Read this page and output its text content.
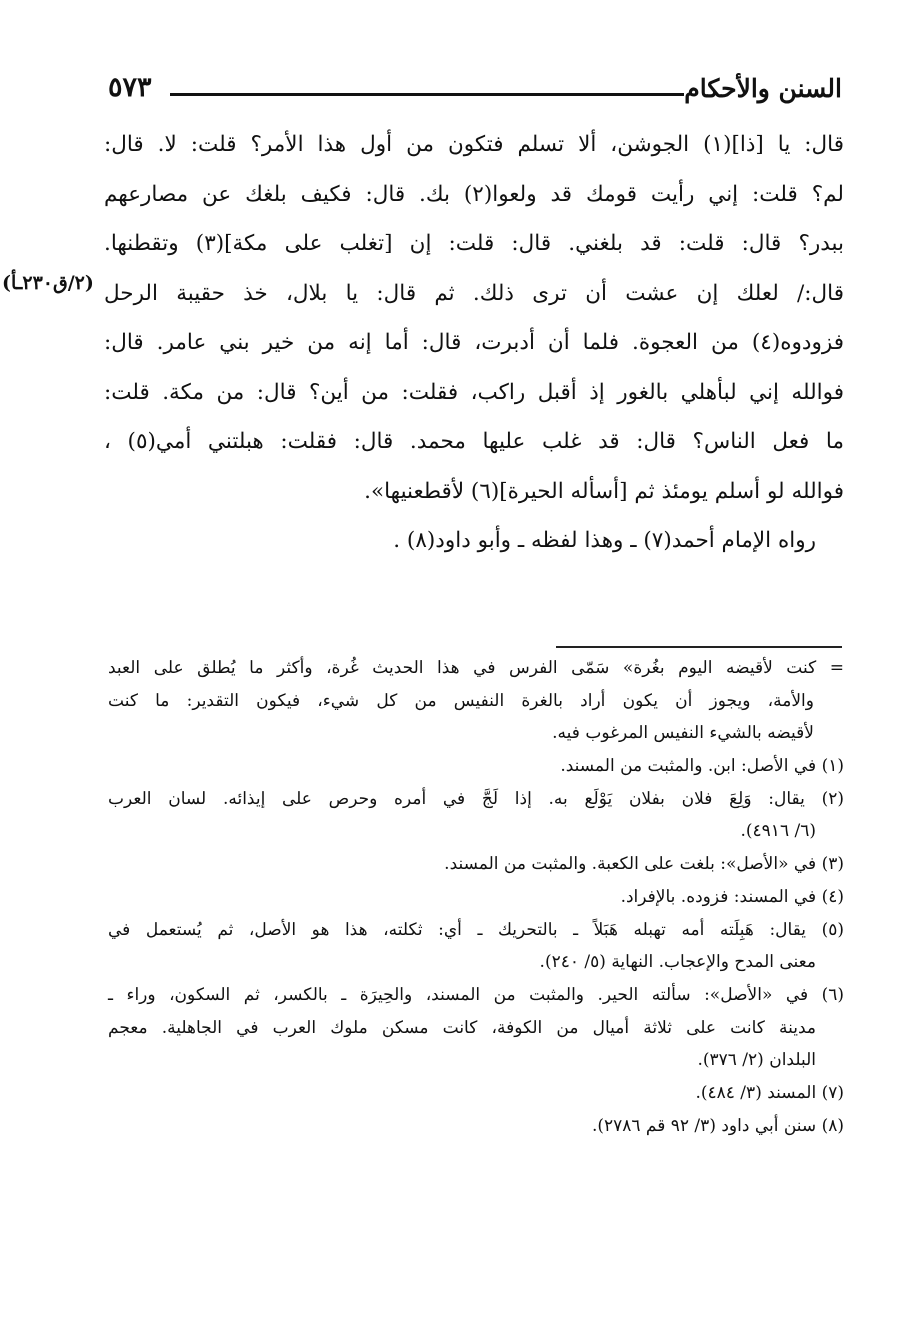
السنن والأحكام
٥٧٣
قال: يا [ذا](١) الجوشن، ألا تسلم فتكون من أول هذا الأمر؟ قلت: لا. قال:
لم؟ قلت: إني رأيت قومك قد ولعوا(٢) بك. قال: فكيف بلغك عن مصارعهم
ببدر؟ قال: قلت: قد بلغني. قال: قلت: إن [تغلب على مكة](٣) وتقطنها.
قال:/ لعلك إن عشت أن ترى ذلك. ثم قال: يا بلال، خذ حقيبة الرحل
فزودوه(٤) من العجوة. فلما أن أدبرت، قال: أما إنه من خير بني عامر. قال:
فوالله إني لبأهلي بالغور إذ أقبل راكب، فقلت: من أين؟ قال: من مكة. قلت:
ما فعل الناس؟ قال: قد غلب عليها محمد. قال: فقلت: هبلتني أمي(٥) ،
فوالله لو أسلم يومئذ ثم [أسأله الحيرة](٦) لأقطعنيها».
رواه الإمام أحمد(٧) ـ وهذا لفظه ـ وأبو داود(٨) .
(٢/ق٢٣٠ـأ)
= كنت لأقيضه اليوم بغُرة» سَمّى الفرس في هذا الحديث غُرة، وأكثر ما يُطلق على العبد
والأمة، ويجوز أن يكون أراد بالغرة النفيس من كل شيء، فيكون التقدير: ما كنت
لأقيضه بالشيء النفيس المرغوب فيه.
(١) في الأصل: ابن. والمثبت من المسند.
(٢) يقال: وَلِعَ فلان بفلان يَوْلَع به. إذا لَجَّ في أمره وحرص على إيذائه. لسان العرب
(٦/ ٤٩١٦).
(٣) في «الأصل»: بلغت على الكعبة. والمثبت من المسند.
(٤) في المسند: فزوده. بالإفراد.
(٥) يقال: هَبِلَته أمه تهبله هَبَلاً ـ بالتحريك ـ أي: ثكلته، هذا هو الأصل، ثم يُستعمل في
معنى المدح والإعجاب. النهاية (٥/ ٢٤٠).
(٦) في «الأصل»: سألته الحير. والمثبت من المسند، والحِيرَة ـ بالكسر، ثم السكون، وراء ـ
مدينة كانت على ثلاثة أميال من الكوفة، كانت مسكن ملوك العرب في الجاهلية. معجم
البلدان (٢/ ٣٧٦).
(٧) المسند (٣/ ٤٨٤).
(٨) سنن أبي داود (٣/ ٩٢ قم ٢٧٨٦).
